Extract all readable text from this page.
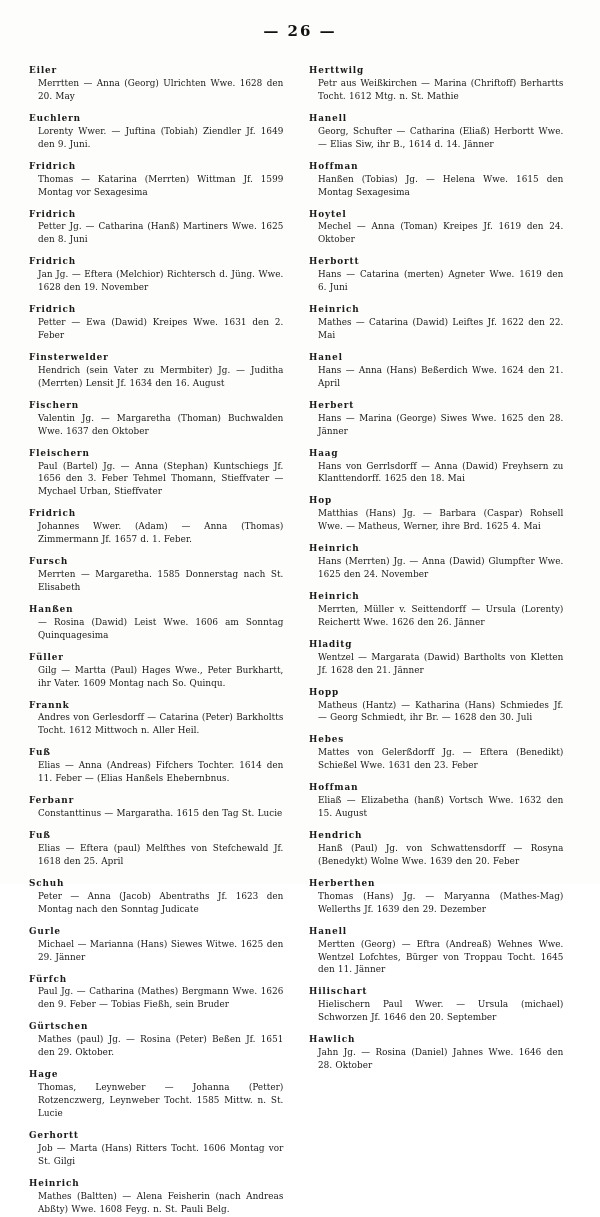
— 26 —

Eiler Merrtten — Anna (Georg) Ulrichten Wwe. 1628 den 20. May

Euchlern Lorenty Wwer. — Juftina (Tobiah) Ziendler Jf. 1649 den 9. Juni.

Fridrich Thomas — Katarina (Merrten) Wittman Jf. 1599 Montag vor Sexagesima

Fridrich Petter Jg. — Catharina (Hanß) Martiners Wwe. 1625 den 8. Juni

Fridrich Jan Jg. — Eftera (Melchior) Richtersch d. Jüng. Wwe. 1628 den 19. November

Fridrich Petter — Ewa (Dawid) Kreipes Wwe. 1631 den 2. Feber

Finsterwelder Hendrich (sein Vater zu Mermbiter) Jg. — Juditha (Merrten) Lensit Jf. 1634 den 16. August

Fischern Valentin Jg. — Margaretha (Thoman) Buchwalden Wwe. 1637 den Oktober

Fleischern Paul (Bartel) Jg. — Anna (Stephan) Kuntschiegs Jf. 1656 den 3. Feber Tehmel Thomann, Stieffvater — Mychael Urban, Stieffvater

Fridrich Johannes Wwer. (Adam) — Anna (Thomas) Zimmermann Jf. 1657 d. 1. Feber.

Fursch Merrten — Margaretha. 1585 Donnerstag nach St. Elisabeth

Hanßen — Rosina (Dawid) Leist Wwe. 1606 am Sonntag Quinquagesima

Füller Gilg — Martta (Paul) Hages Wwe., Peter Burkhartt, ihr Vater. 1609 Montag nach So. Quinqu.

Frannk Andres von Gerlesdorff — Catarina (Peter) Barkholtts Tocht. 1612 Mittwoch n. Aller Heil.

Fuß Elias — Anna (Andreas) Fifchers Tochter. 1614 den 11. Feber — (Elias Hanßels Ehebernbnus.

Ferbanr Constanttinus — Margaratha. 1615 den Tag St. Lucie

Fuß Elias — Eftera (paul) Melfthes von Stefchewald Jf. 1618 den 25. April

Schuh Peter — Anna (Jacob) Abentraths Jf. 1623 den Montag nach den Sonntag Judicate

Gurle Michael — Marianna (Hans) Siewes Witwe. 1625 den 29. Jänner

Fürfch Paul Jg. — Catharina (Mathes) Bergmann Wwe. 1626 den 9. Feber — Tobias Fießh, sein Bruder

Gürtschen Mathes (paul) Jg. — Rosina (Peter) Beßen Jf. 1651 den 29. Oktober.

Hage Thomas, Leynweber — Johanna (Petter) Rotzenczwerg, Leynweber Tocht. 1585 Mittw. n. St. Lucie

Gerhortt Job — Marta (Hans) Ritters Tocht. 1606 Montag vor St. Gilgi

Heinrich Mathes (Baltten) — Alena Feisherin (nach Andreas Abßty) Wwe. 1608 Feyg. n. St. Pauli Belg.

Herttwilg Petr aus Weißkirchen — Marina (Chriftoff) Berhartts Tocht. 1612 Mtg. n. St. Mathie

Hanell Georg, Schufter — Catharina (Eliaß) Herbortt Wwe. — Elias Siw, ihr B., 1614 d. 14. Jänner

Hoffman Hanßen (Tobias) Jg. — Helena Wwe. 1615 den Montag Sexagesima

Hoytel Mechel — Anna (Toman) Kreipes Jf. 1619 den 24. Oktober

Herbortt Hans — Catarina (merten) Agneter Wwe. 1619 den 6. Juni

Heinrich Mathes — Catarina (Dawid) Leiftes Jf. 1622 den 22. Mai

Hanel Hans — Anna (Hans) Beßerdich Wwe. 1624 den 21. April

Herbert Hans — Marina (George) Siwes Wwe. 1625 den 28. Jänner

Haag Hans von Gerrlsdorff — Anna (Dawid) Freyhsern zu Klanttendorff. 1625 den 18. Mai

Hop Matthias (Hans) Jg. — Barbara (Caspar) Rohsell Wwe. — Matheus, Werner, ihre Brd. 1625 4. Mai

Heinrich Hans (Merrten) Jg. — Anna (Dawid) Glumpfter Wwe. 1625 den 24. November

Heinrich Merrten, Müller v. Seittendorff — Ursula (Lorenty) Reichertt Wwe. 1626 den 26. Jänner

Hladitg Wentzel — Margarata (Dawid) Bartholts von Kletten Jf. 1628 den 21. Jänner

Hopp Matheus (Hantz) — Katharina (Hans) Schmiedes Jf. — Georg Schmiedt, ihr Br. — 1628 den 30. Juli

Hebes Mattes von Gelerßdorff Jg. — Eftera (Benedikt) Schießel Wwe. 1631 den 23. Feber

Hoffman Eliaß — Elizabetha (hanß) Vortsch Wwe. 1632 den 15. August

Hendrich Hanß (Paul) Jg. von Schwattensdorff — Rosyna (Benedykt) Wolne Wwe. 1639 den 20. Feber

Herberthen Thomas (Hans) Jg. — Maryanna (Mathes-Mag) Wellerths Jf. 1639 den 29. Dezember

Hanell Mertten (Georg) — Eftra (Andreaß) Wehnes Wwe. Wentzel Lofchtes, Bürger von Troppau Tocht. 1645 den 11. Jänner

Hilischart Hielischern Paul Wwer. — Ursula (michael) Schworzen Jf. 1646 den 20. September

Hawlich Jahn Jg. — Rosina (Daniel) Jahnes Wwe. 1646 den 28. Oktober
